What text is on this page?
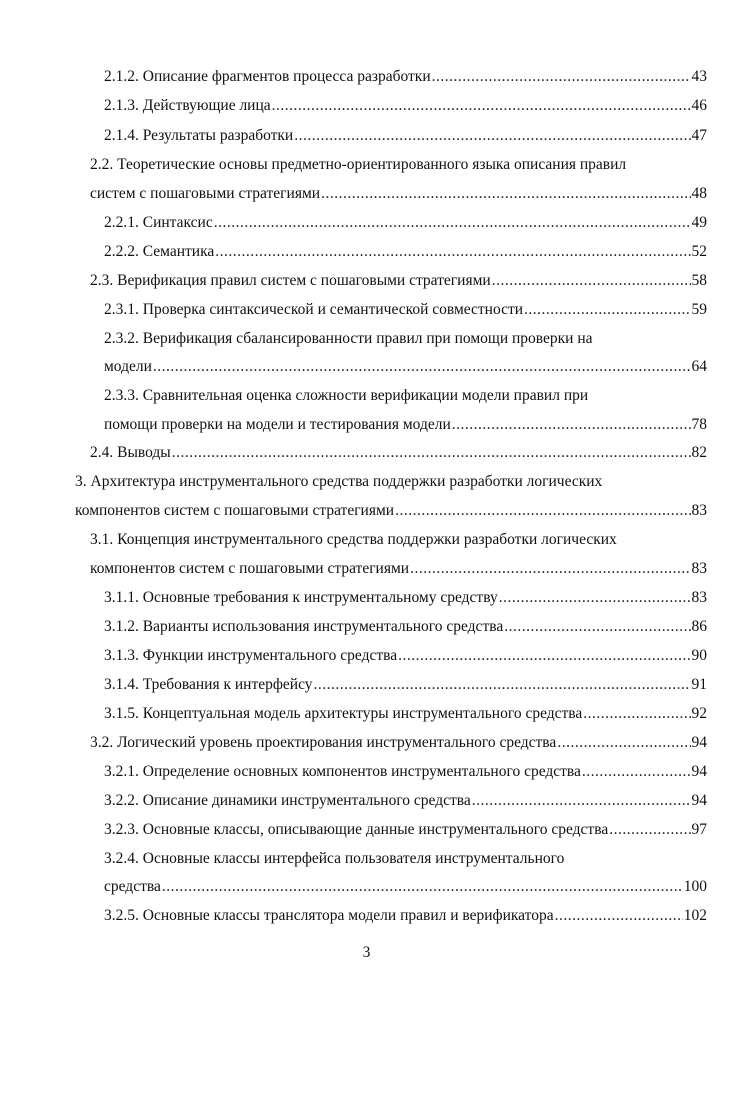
2.1.2. Описание фрагментов процесса разработки .....	43
2.1.3. Действующие лица .....	46
2.1.4. Результаты разработки .....	47
2.2. Теоретические основы предметно-ориентированного языка описания правил
систем с пошаговыми стратегиями .....	48
2.2.1. Синтаксис .....	49
2.2.2. Семантика .....	52
2.3. Верификация правил систем с пошаговыми стратегиями .....	58
2.3.1. Проверка синтаксической и семантической совместности .....	59
2.3.2. Верификация сбалансированности правил при помощи проверки на
модели .....	64
2.3.3. Сравнительная оценка сложности верификации модели правил при
помощи проверки на модели и тестирования модели .....	78
2.4. Выводы .....	82
3. Архитектура инструментального средства поддержки разработки логических
компонентов систем с пошаговыми стратегиями .....	83
3.1. Концепция инструментального средства поддержки разработки логических
компонентов систем с пошаговыми стратегиями .....	83
3.1.1. Основные требования к инструментальному средству .....	83
3.1.2. Варианты использования инструментального средства .....	86
3.1.3. Функции инструментального средства .....	90
3.1.4. Требования к интерфейсу .....	91
3.1.5. Концептуальная модель архитектуры инструментального средства .....	92
3.2. Логический уровень проектирования инструментального средства .....	94
3.2.1. Определение основных компонентов инструментального средства .....	94
3.2.2. Описание динамики инструментального средства .....	94
3.2.3. Основные классы, описывающие данные инструментального средства .....	97
3.2.4. Основные классы интерфейса пользователя инструментального
средства .....	100
3.2.5. Основные классы транслятора модели правил и верификатора .....	102
3
